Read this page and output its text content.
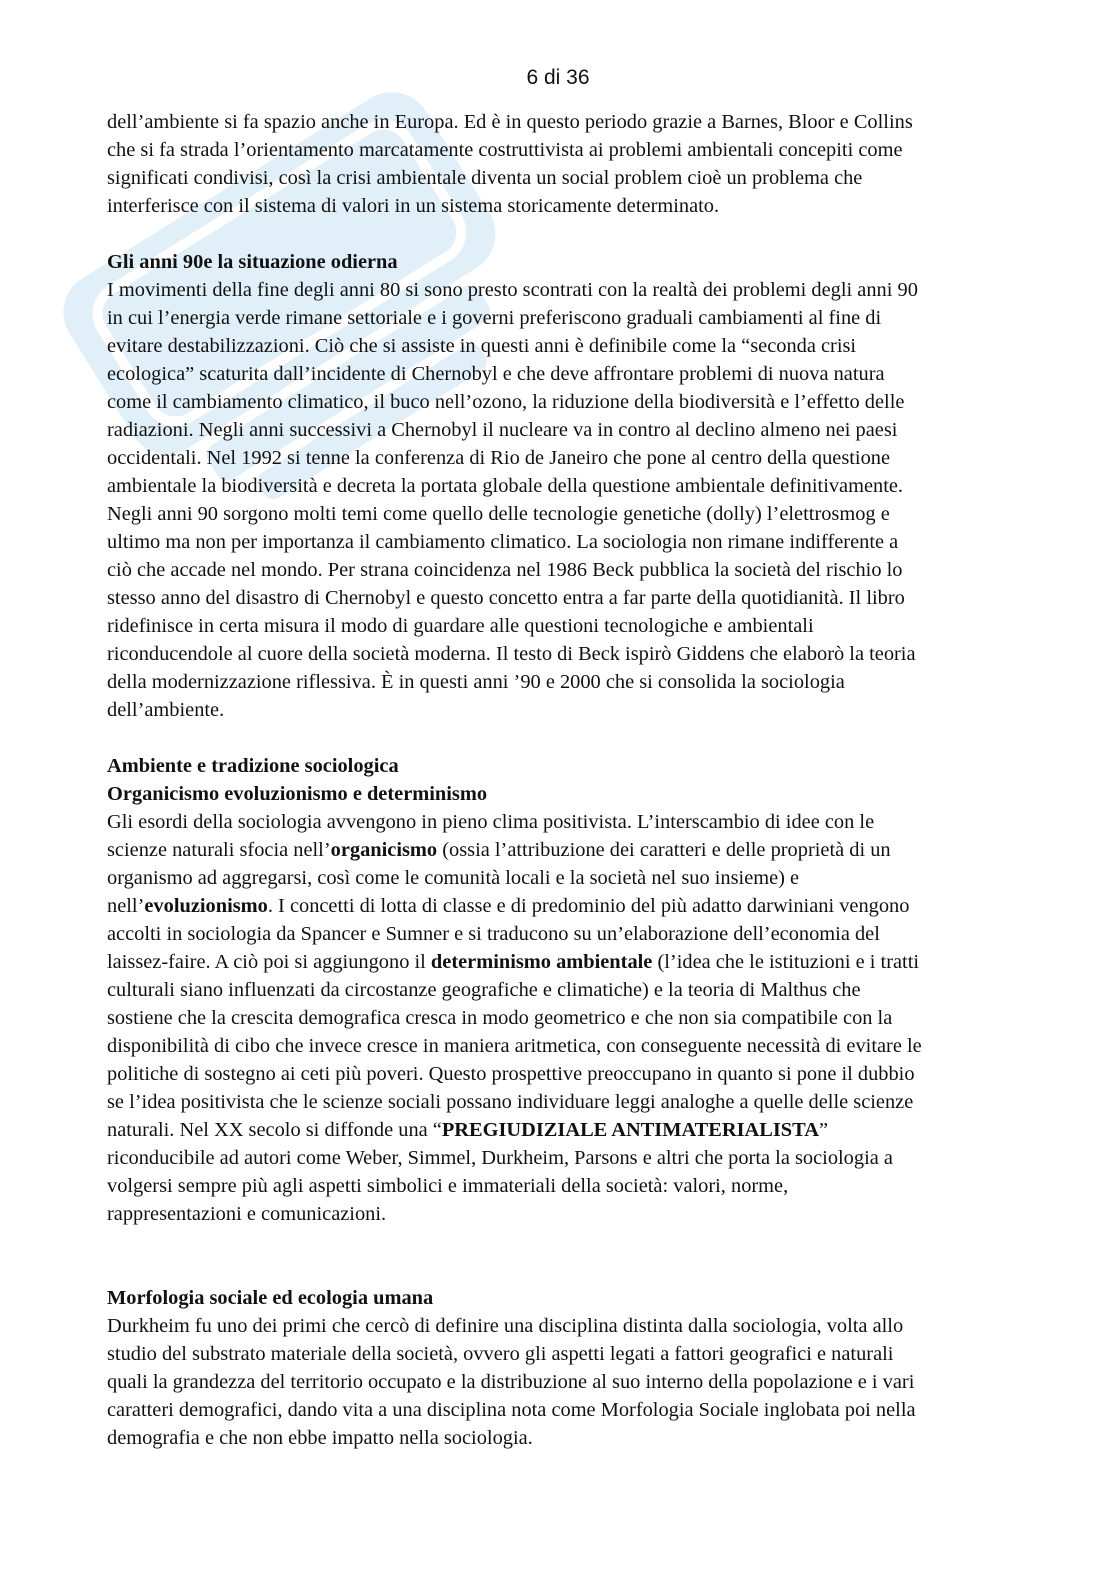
6 di 36

dell’ambiente si fa spazio anche in Europa. Ed è in questo periodo grazie a Barnes, Bloor e Collins
che si fa strada l’orientamento marcatamente costruttivista ai problemi ambientali concepiti come
significati condivisi, così la crisi ambientale diventa un social problem cioè un problema che
interferisce con il sistema di valori in un sistema storicamente determinato.

Gli anni 90e la situazione odierna

I movimenti della fine degli anni 80 si sono presto scontrati con la realtà dei problemi degli anni 90
in cui l’energia verde rimane settoriale e i governi preferiscono graduali cambiamenti al fine di
evitare destabilizzazioni. Ciò che si assiste in questi anni è definibile come la “seconda crisi
ecologica” scaturita dall’incidente di Chernobyl e che deve affrontare problemi di nuova natura
come il cambiamento climatico, il buco nell’ozono, la riduzione della biodiversità e l’effetto delle
radiazioni. Negli anni successivi a Chernobyl il nucleare va in contro al declino almeno nei paesi
occidentali. Nel 1992 si tenne la conferenza di Rio de Janeiro che pone al centro della questione
ambientale la biodiversità e decreta la portata globale della questione ambientale definitivamente.
Negli anni 90 sorgono molti temi come quello delle tecnologie genetiche (dolly) l’elettrosmog e
ultimo ma non per importanza il cambiamento climatico. La sociologia non rimane indifferente a
ciò che accade nel mondo. Per strana coincidenza nel 1986 Beck pubblica la società del rischio lo
stesso anno del disastro di Chernobyl e questo concetto entra a far parte della quotidianità. Il libro
ridefinisce in certa misura il modo di guardare alle questioni tecnologiche e ambientali
riconducendole al cuore della società moderna. Il testo di Beck ispirò Giddens che elaborò la teoria
della modernizzazione riflessiva. È in questi anni ’90 e 2000 che si consolida la sociologia
dell’ambiente.

Ambiente e tradizione sociologica
Organicismo evoluzionismo e determinismo

Gli esordi della sociologia avvengono in pieno clima positivista. L’interscambio di idee con le
scienze naturali sfocia nell’organicismo (ossia l’attribuzione dei caratteri e delle proprietà di un
organismo ad aggregarsi, così come le comunità locali e la società nel suo insieme) e
nell’evoluzionismo. I concetti di lotta di classe e di predominio del più adatto darwiniani vengono
accolti in sociologia da Spancer e Sumner e si traducono su un’elaborazione dell’economia del
laissez-faire. A ciò poi si aggiungono il determinismo ambientale (l’idea che le istituzioni e i tratti
culturali siano influenzati da circostanze geografiche e climatiche) e la teoria di Malthus che
sostiene che la crescita demografica cresca in modo geometrico e che non sia compatibile con la
disponibilità di cibo che invece cresce in maniera aritmetica, con conseguente necessità di evitare le
politiche di sostegno ai ceti più poveri. Questo prospettive preoccupano in quanto si pone il dubbio
se l’idea positivista che le scienze sociali possano individuare leggi analoghe a quelle delle scienze
naturali. Nel XX secolo si diffonde una “PREGIUDIZIALE ANTIMATERIALISTA”
riconducibile ad autori come Weber, Simmel, Durkheim, Parsons e altri che porta la sociologia a
volgersi sempre più agli aspetti simbolici e immateriali della società: valori, norme,
rappresentazioni e comunicazioni.

Morfologia sociale ed ecologia umana

Durkheim fu uno dei primi che cercò di definire una disciplina distinta dalla sociologia, volta allo
studio del substrato materiale della società, ovvero gli aspetti legati a fattori geografici e naturali
quali la grandezza del territorio occupato e la distribuzione al suo interno della popolazione e i vari
caratteri demografici, dando vita a una disciplina nota come Morfologia Sociale inglobata poi nella
demografia e che non ebbe impatto nella sociologia.
